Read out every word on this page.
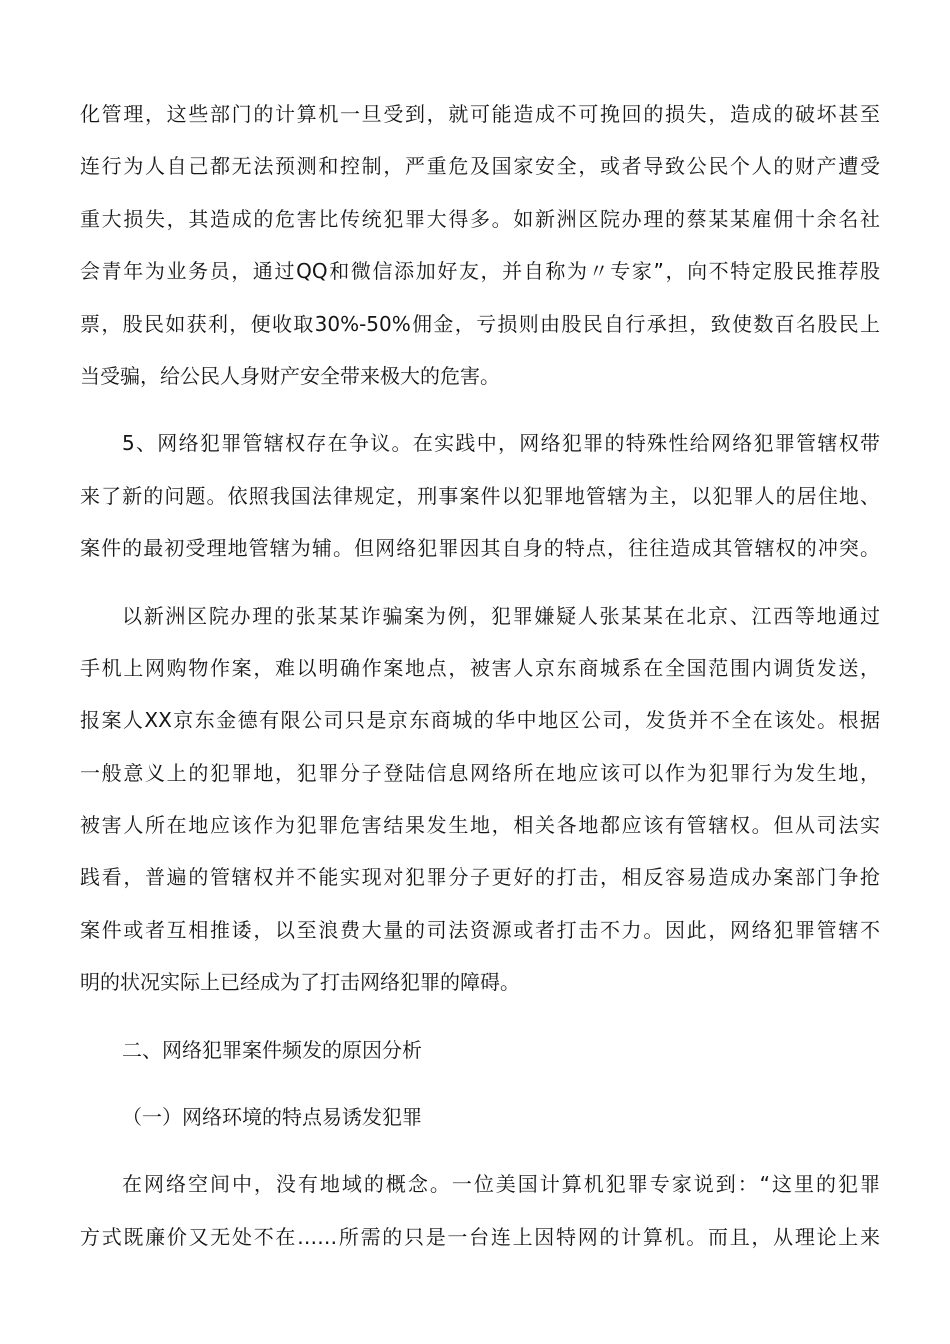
化管理，这些部门的计算机一旦受到，就可能造成不可挽回的损失，造成的破坏甚至
连行为人自己都无法预测和控制，严重危及国家安全，或者导致公民个人的财产遭受
重大损失，其造成的危害比传统犯罪大得多。如新洲区院办理的蔡某某雇佣十余名社
会青年为业务员，通过QQ和微信添加好友，并自称为〃专家”，向不特定股民推荐股
票，股民如获利，便收取30%-50%佣金，亏损则由股民自行承担，致使数百名股民上
当受骗，给公民人身财产安全带来极大的危害。
5、网络犯罪管辖权存在争议。在实践中，网络犯罪的特殊性给网络犯罪管辖权带
来了新的问题。依照我国法律规定，刑事案件以犯罪地管辖为主，以犯罪人的居住地、
案件的最初受理地管辖为辅。但网络犯罪因其自身的特点，往往造成其管辖权的冲突。
以新洲区院办理的张某某诈骗案为例，犯罪嫌疑人张某某在北京、江西等地通过
手机上网购物作案，难以明确作案地点，被害人京东商城系在全国范围内调货发送，
报案人XX京东金德有限公司只是京东商城的华中地区公司，发货并不全在该处。根据
一般意义上的犯罪地，犯罪分子登陆信息网络所在地应该可以作为犯罪行为发生地，
被害人所在地应该作为犯罪危害结果发生地，相关各地都应该有管辖权。但从司法实
践看，普遍的管辖权并不能实现对犯罪分子更好的打击，相反容易造成办案部门争抢
案件或者互相推诿，以至浪费大量的司法资源或者打击不力。因此，网络犯罪管辖不
明的状况实际上已经成为了打击网络犯罪的障碍。
二、网络犯罪案件频发的原因分析
（一）网络环境的特点易诱发犯罪
在网络空间中，没有地域的概念。一位美国计算机犯罪专家说到：“这里的犯罪
方式既廉价又无处不在……所需的只是一台连上因特网的计算机。而且，从理论上来
